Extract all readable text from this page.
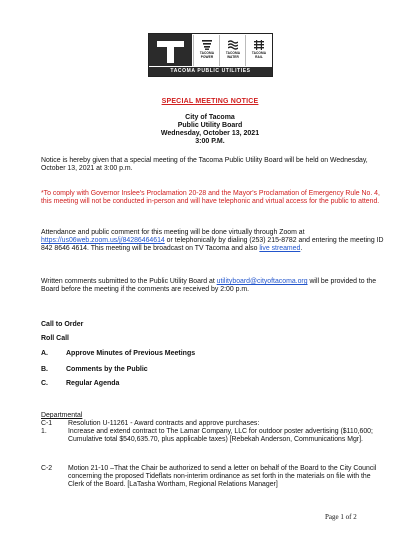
TACOMA
POWER
TACOMA
WATER
TACOMA
RAIL
TACOMA PUBLIC UTILITIES
SPECIAL MEETING NOTICE
City of Tacoma
Public Utility Board
Wednesday, October 13, 2021
3:00 P.M.
Notice is hereby given that a special meeting of the Tacoma Public Utility Board will be held on Wednesday, October 13, 2021 at 3:00 p.m.
*To comply with Governor Inslee's Proclamation 20-28 and the Mayor's Proclamation of Emergency Rule No. 4, this meeting will not be conducted in-person and will have telephonic and virtual access for the public to attend.
Attendance and public comment for this meeting will be done virtually through Zoom at https://us06web.zoom.us/j/84286464614 or telephonically by dialing (253) 215-8782 and entering the meeting ID 842 8646 4614. This meeting will be broadcast on TV Tacoma and also live streamed.
Written comments submitted to the Public Utility Board at utilityboard@cityoftacoma.org will be provided to the Board before the meeting if the comments are received by 2:00 p.m.
Call to Order
Roll Call
A.	Approve Minutes of Previous Meetings
B.	Comments by the Public
C.	Regular Agenda
Departmental
C-1 Resolution U-11261 - Award contracts and approve purchases:
1.	Increase and extend contract to The Lamar Company, LLC for outdoor poster advertising ($110,600; Cumulative total $540,635.70, plus applicable taxes) [Rebekah Anderson, Communications Mgr].
C-2 Motion 21-10 –That the Chair be authorized to send a letter on behalf of the Board to the City Council concerning the proposed Tideflats non-interim ordinance as set forth in the materials on file with the Clerk of the Board. [LaTasha Wortham, Regional Relations Manager]
Page 1 of 2
